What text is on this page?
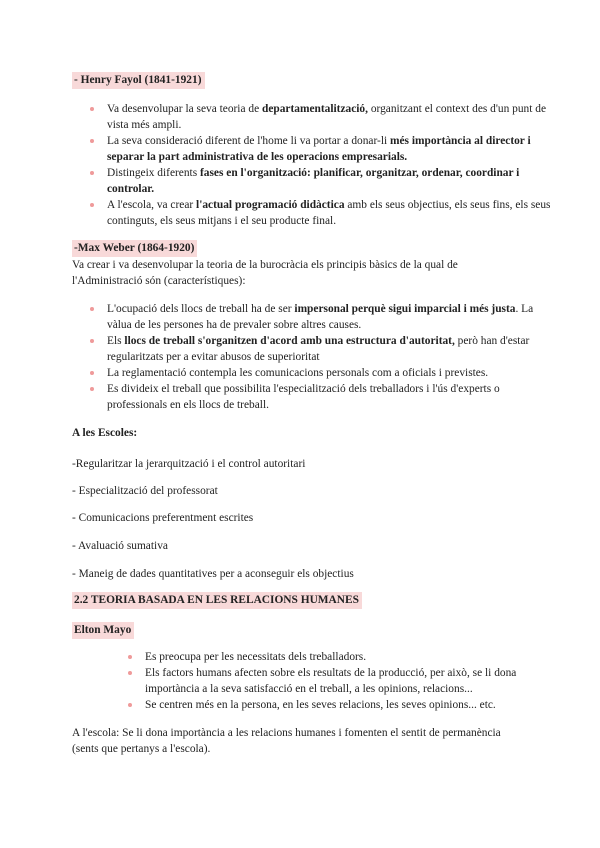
- Henry Fayol (1841-1921)
Va desenvolupar la seva teoria de departamentalització, organitzant el context des d'un punt de vista més ampli.
La seva consideració diferent de l'home li va portar a donar-li més importància al director i separar la part administrativa de les operacions empresarials.
Distingeix diferents fases en l'organització: planificar, organitzar, ordenar, coordinar i controlar.
A l'escola, va crear l'actual programació didàctica amb els seus objectius, els seus fins, els seus continguts, els seus mitjans i el seu producte final.
-Max Weber (1864-1920)
Va crear i va desenvolupar la teoria de la burocràcia els principis bàsics de la qual de l'Administració són (característiques):
L'ocupació dels llocs de treball ha de ser impersonal perquè sigui imparcial i més justa. La vàlua de les persones ha de prevaler sobre altres causes.
Els llocs de treball s'organitzen d'acord amb una estructura d'autoritat, però han d'estar regularitzats per a evitar abusos de superioritat
La reglamentació contempla les comunicacions personals com a oficials i previstes.
Es divideix el treball que possibilita l'especialització dels treballadors i l'ús d'experts o professionals en els llocs de treball.
A les Escoles:
-Regularitzar la jerarquització i el control autoritari
- Especialització del professorat
- Comunicacions preferentment escrites
- Avaluació sumativa
- Maneig de dades quantitatives per a aconseguir els objectius
2.2 TEORIA BASADA EN LES RELACIONS HUMANES
Elton Mayo
Es preocupa per les necessitats dels treballadors.
Els factors humans afecten sobre els resultats de la producció, per això, se li dona importància a la seva satisfacció en el treball, a les opinions, relacions...
Se centren més en la persona, en les seves relacions, les seves opinions... etc.
A l'escola: Se li dona importància a les relacions humanes i fomenten el sentit de permanència (sents que pertanys a l'escola).
